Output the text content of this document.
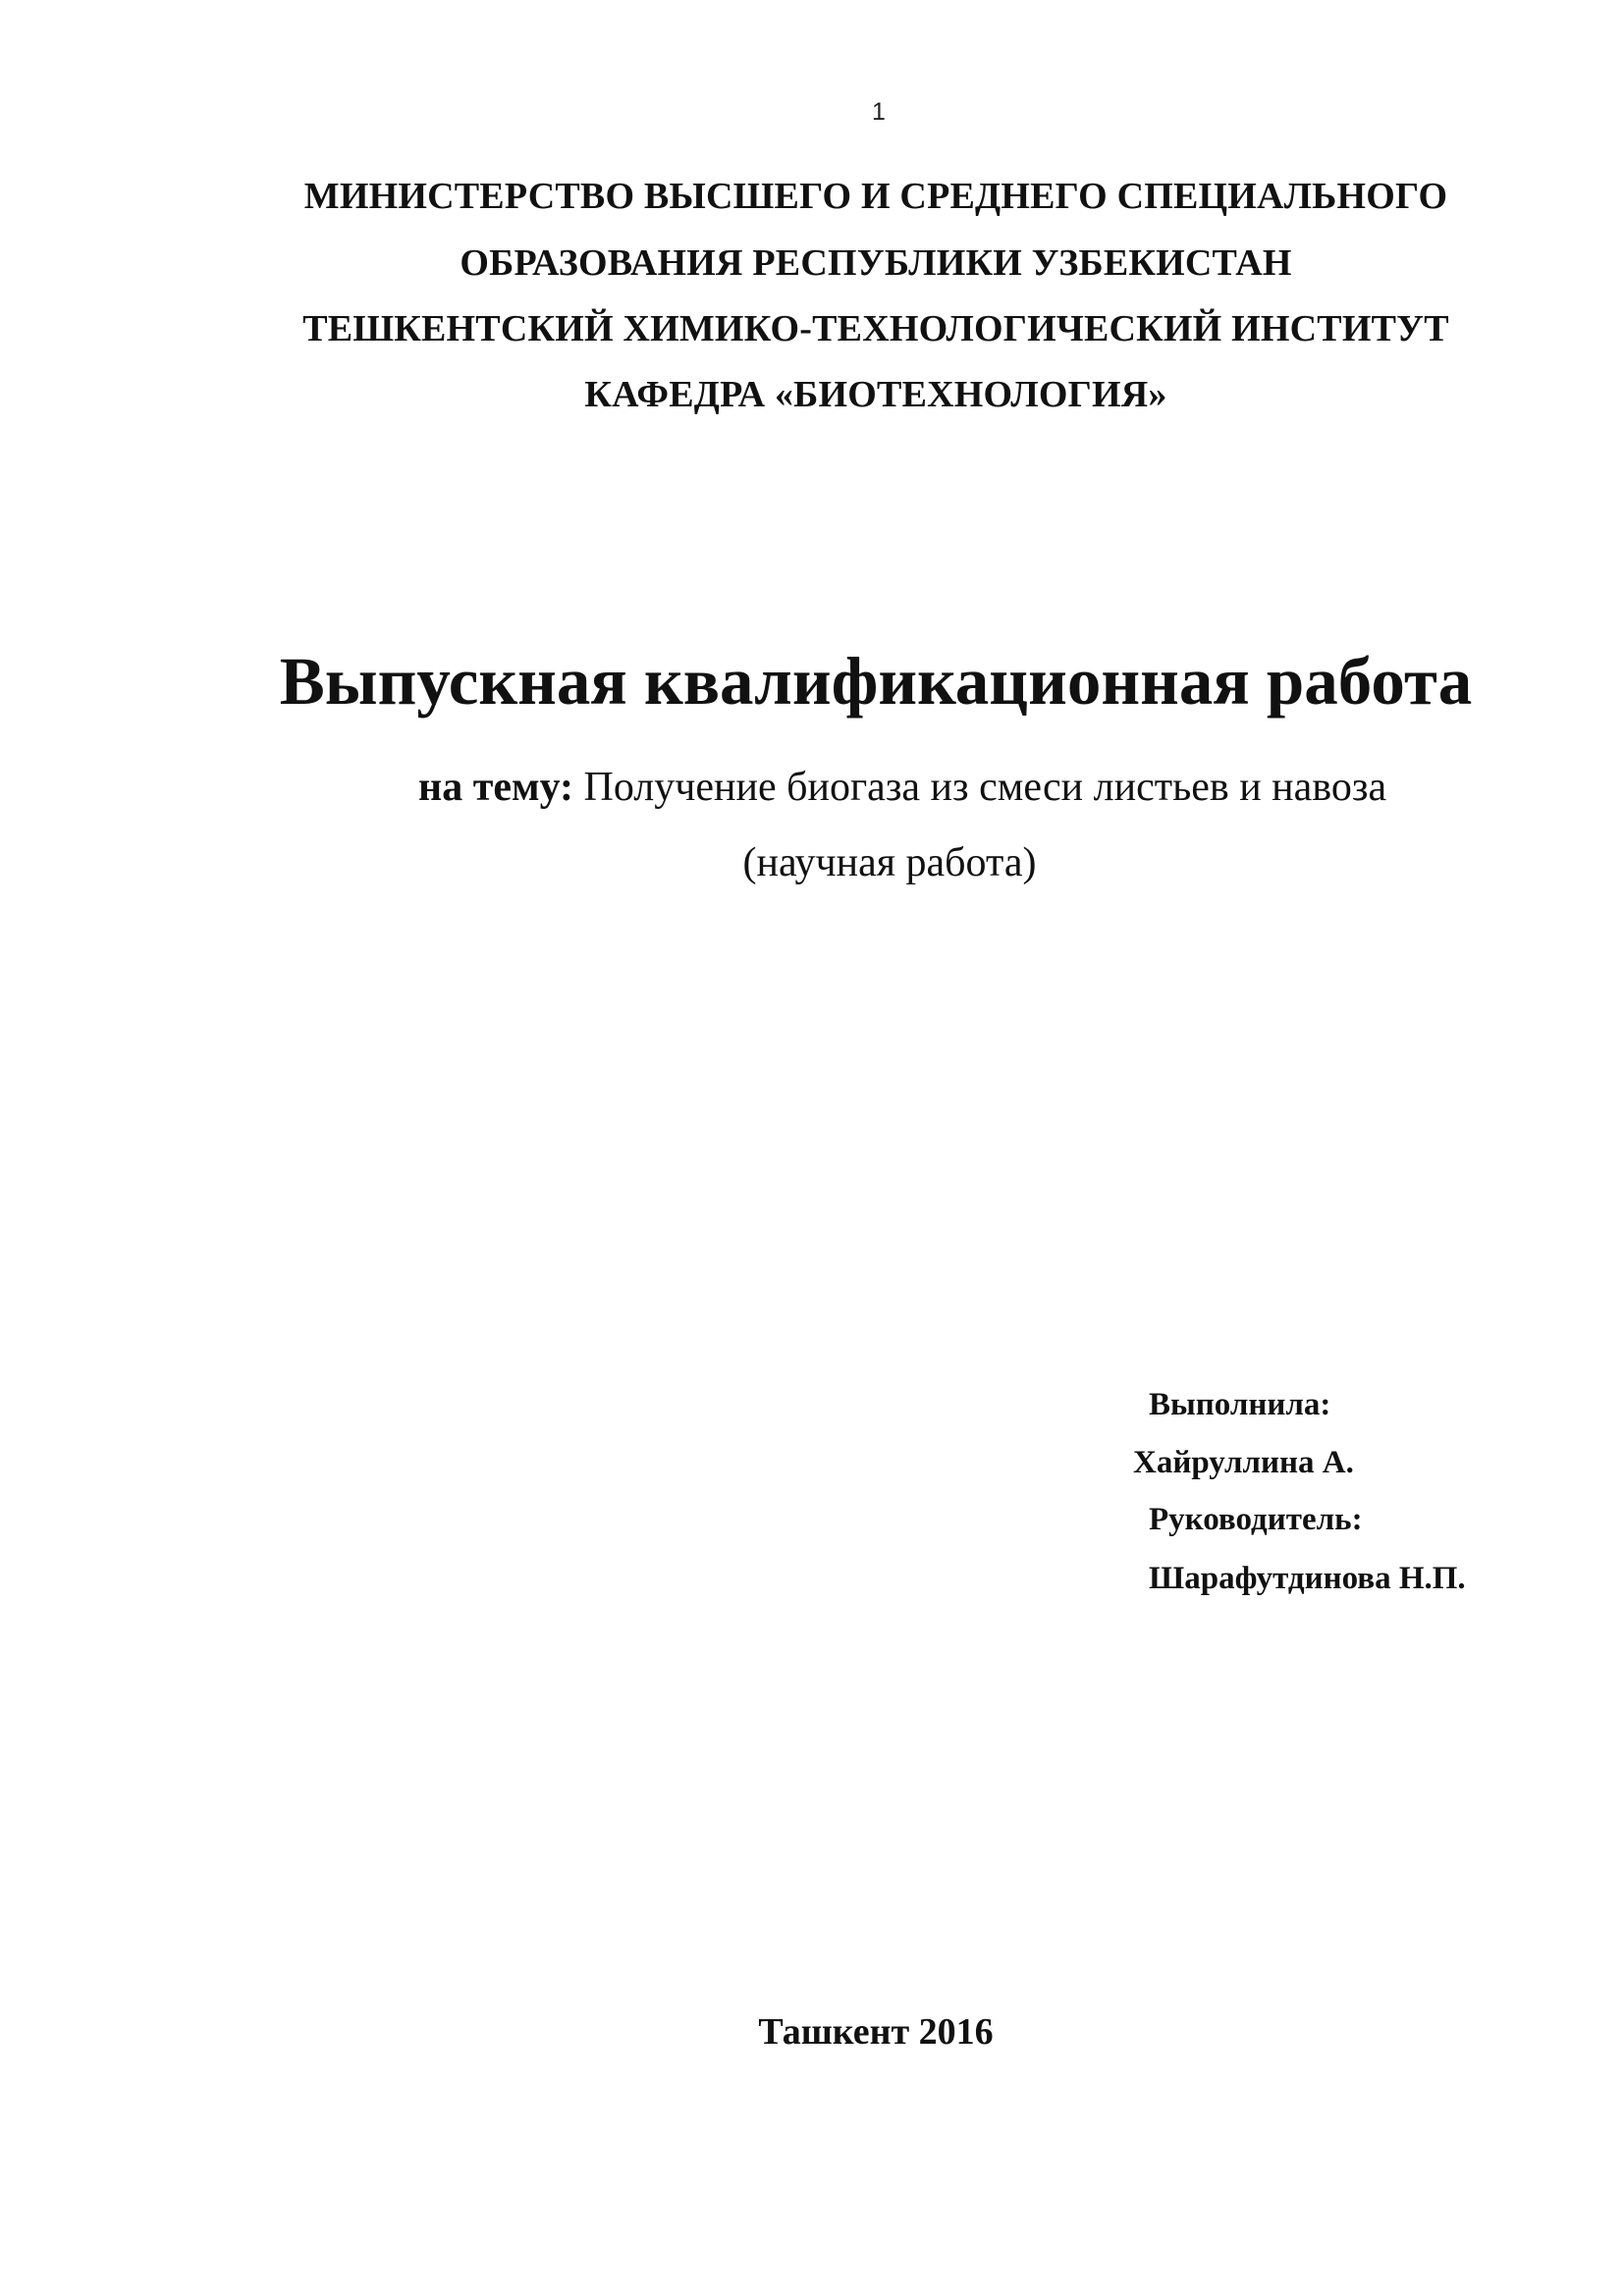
1
МИНИСТЕРСТВО ВЫСШЕГО И СРЕДНЕГО СПЕЦИАЛЬНОГО
ОБРАЗОВАНИЯ РЕСПУБЛИКИ УЗБЕКИСТАН
ТЕШКЕНТСКИЙ ХИМИКО-ТЕХНОЛОГИЧЕСКИЙ ИНСТИТУТ
КАФЕДРА «БИОТЕХНОЛОГИЯ»
Выпускная квалификационная работа
на тему: Получение биогаза из смеси листьев и навоза
(научная работа)
Выполнила:
Хайруллина А.
Руководитель:
Шарафутдинова Н.П.
Ташкент 2016
